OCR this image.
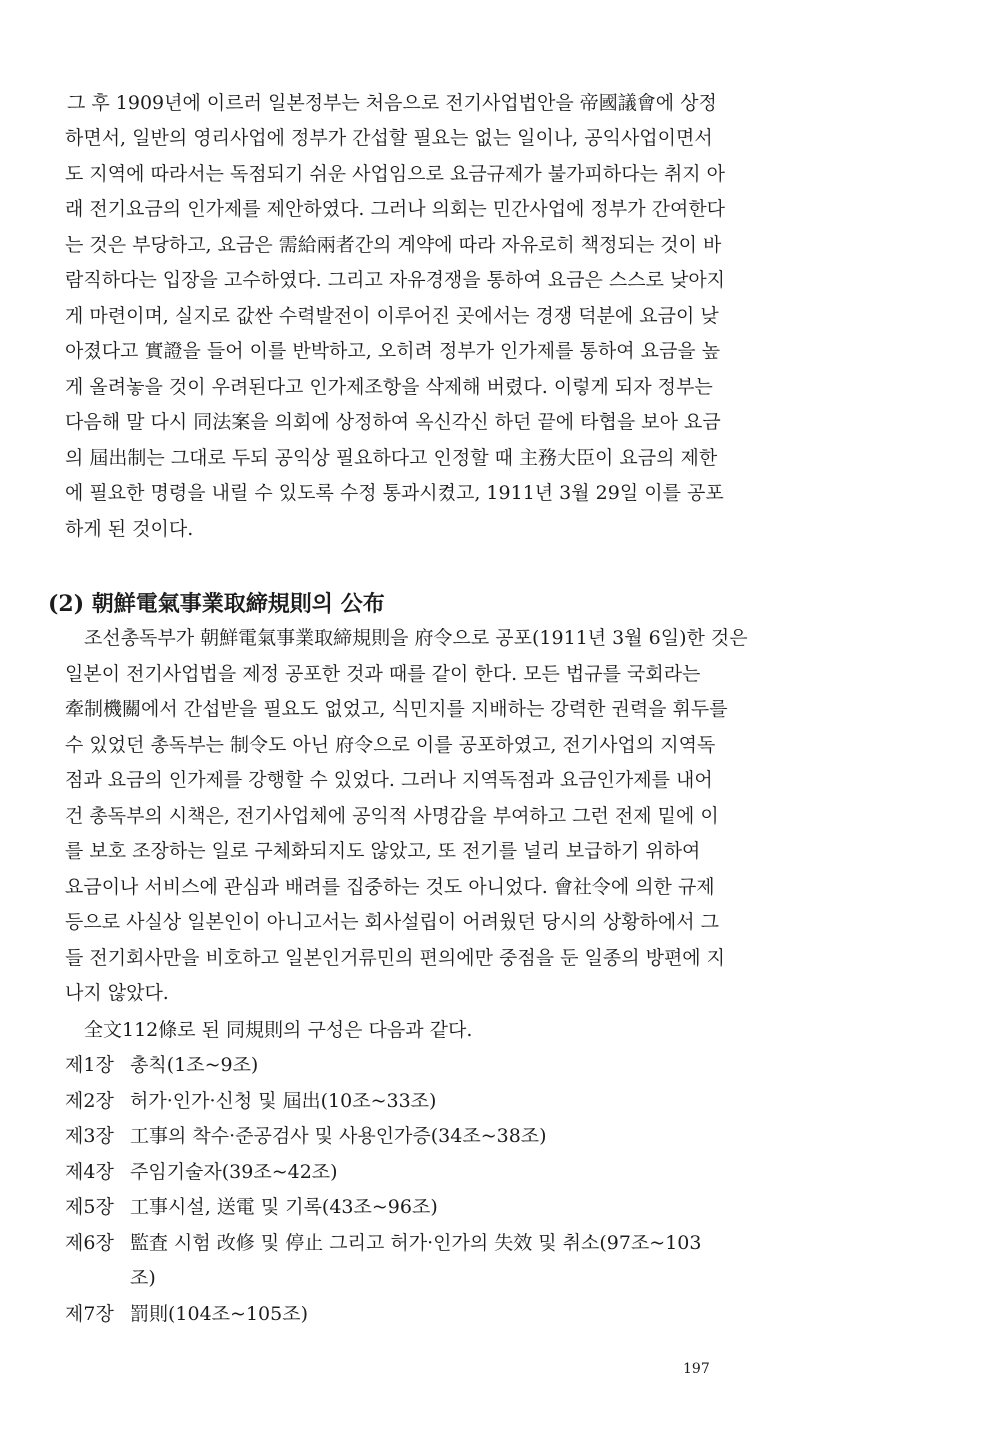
그 후 1909년에 이르러 일본정부는 처음으로 전기사업법안을 帝國議會에 상정
하면서, 일반의 영리사업에 정부가 간섭할 필요는 없는 일이나, 공익사업이면서
도 지역에 따라서는 독점되기 쉬운 사업임으로 요금규제가 불가피하다는 취지 아
래 전기요금의 인가제를 제안하였다. 그러나 의회는 민간사업에 정부가 간여한다
는 것은 부당하고, 요금은 需給兩者간의 계약에 따라 자유로히 책정되는 것이 바
람직하다는 입장을 고수하였다. 그리고 자유경쟁을 통하여 요금은 스스로 낮아지
게 마련이며, 실지로 값싼 수력발전이 이루어진 곳에서는 경쟁 덕분에 요금이 낮
아졌다고 實證을 들어 이를 반박하고, 오히려 정부가 인가제를 통하여 요금을 높
게 올려놓을 것이 우려된다고 인가제조항을 삭제해 버렸다. 이렇게 되자 정부는
다음해 말 다시 同法案을 의회에 상정하여 옥신각신 하던 끝에 타협을 보아 요금
의 屆出制는 그대로 두되 공익상 필요하다고 인정할 때 主務大臣이 요금의 제한
에 필요한 명령을 내릴 수 있도록 수정 통과시켰고, 1911년 3월 29일 이를 공포
하게 된 것이다.
(2) 朝鮮電氣事業取締規則의 公布
조선총독부가 朝鮮電氣事業取締規則을 府令으로 공포(1911년 3월 6일)한 것은
일본이 전기사업법을 제정 공포한 것과 때를 같이 한다. 모든 법규를 국회라는
牽制機關에서 간섭받을 필요도 없었고, 식민지를 지배하는 강력한 권력을 휘두를
수 있었던 총독부는 制令도 아닌 府令으로 이를 공포하였고, 전기사업의 지역독
점과 요금의 인가제를 강행할 수 있었다. 그러나 지역독점과 요금인가제를 내어
건 총독부의 시책은, 전기사업체에 공익적 사명감을 부여하고 그런 전제 밑에 이
를 보호 조장하는 일로 구체화되지도 않았고, 또 전기를 널리 보급하기 위하여
요금이나 서비스에 관심과 배려를 집중하는 것도 아니었다. 會社令에 의한 규제
등으로 사실상 일본인이 아니고서는 회사설립이 어려웠던 당시의 상황하에서 그
들 전기회사만을 비호하고 일본인거류민의 편의에만 중점을 둔 일종의 방편에 지
나지 않았다.
全文112條로 된 同規則의 구성은 다음과 같다.
제1장 총칙(1조~9조)
제2장 허가·인가·신청 및 屆出(10조~33조)
제3장 工事의 착수·준공검사 및 사용인가증(34조~38조)
제4장 주임기술자(39조~42조)
제5장 工事시설, 送電 및 기록(43조~96조)
제6장 監査 시험 改修 및 停止 그리고 허가·인가의 失效 및 취소(97조~103
조)
제7장 罰則(104조~105조)
197
